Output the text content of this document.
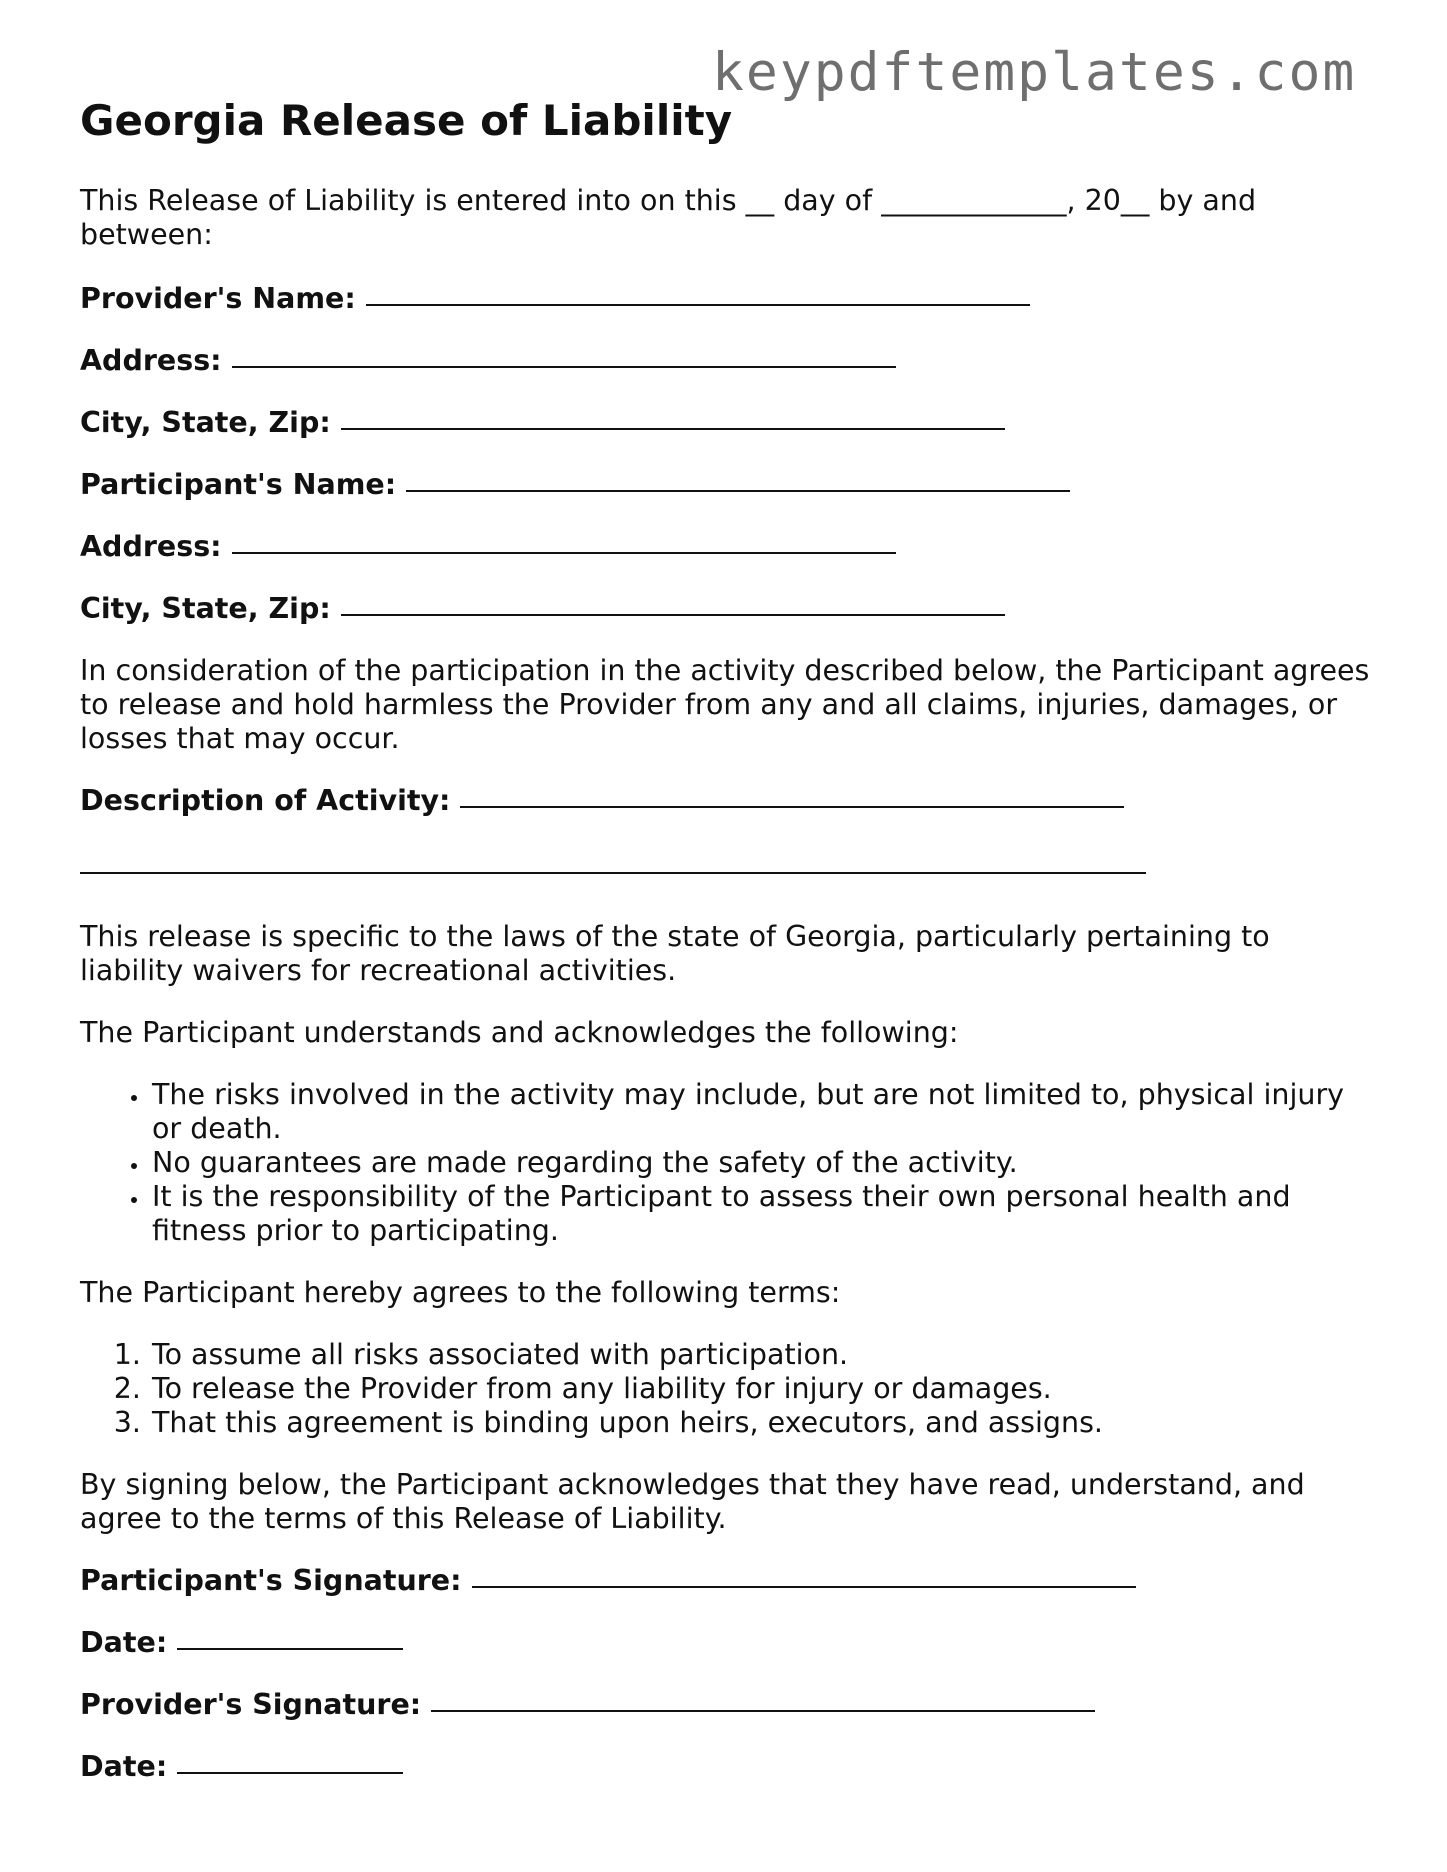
keypdftemplates.com
Georgia Release of Liability

This Release of Liability is entered into on this __ day of _____________, 20__ by and between:

Provider's Name:
Address:
City, State, Zip:
Participant's Name:
Address:
City, State, Zip:

In consideration of the participation in the activity described below, the Participant agrees to release and hold harmless the Provider from any and all claims, injuries, damages, or losses that may occur.

Description of Activity:

This release is specific to the laws of the state of Georgia, particularly pertaining to liability waivers for recreational activities.

The Participant understands and acknowledges the following:

• The risks involved in the activity may include, but are not limited to, physical injury or death.
• No guarantees are made regarding the safety of the activity.
• It is the responsibility of the Participant to assess their own personal health and fitness prior to participating.

The Participant hereby agrees to the following terms:

1. To assume all risks associated with participation.
2. To release the Provider from any liability for injury or damages.
3. That this agreement is binding upon heirs, executors, and assigns.

By signing below, the Participant acknowledges that they have read, understand, and agree to the terms of this Release of Liability.

Participant's Signature:
Date:
Provider's Signature:
Date:
